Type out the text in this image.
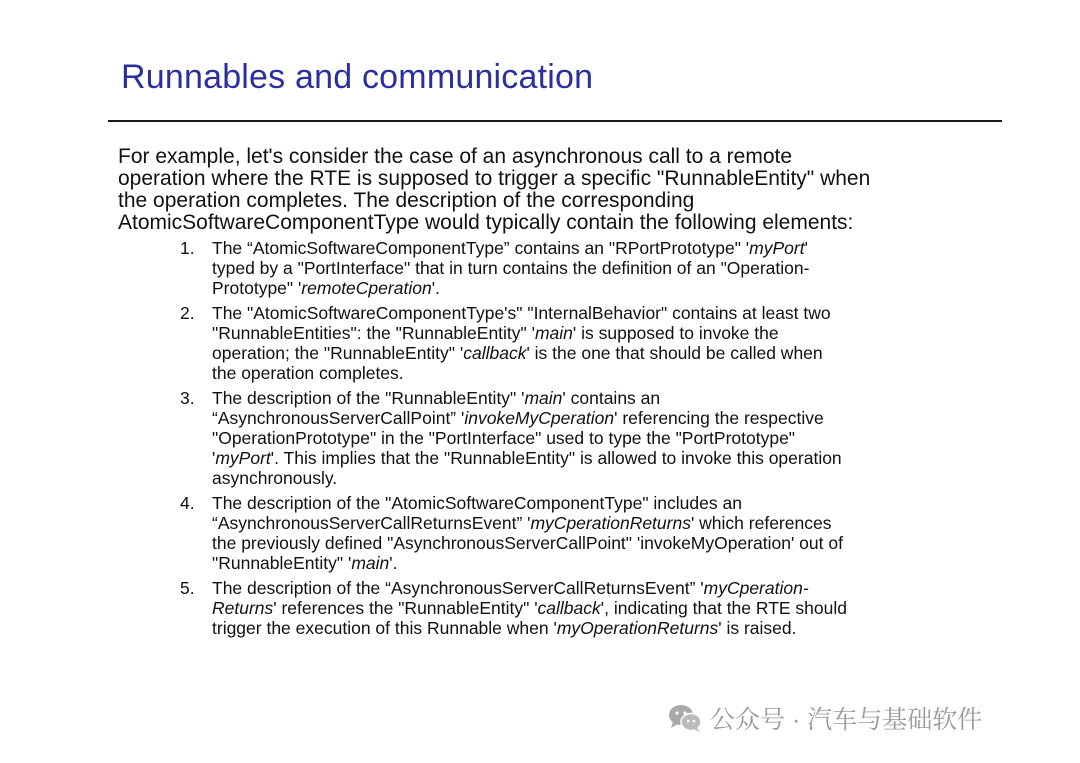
Runnables and communication
For example, let's consider the case of an asynchronous call to a remote
operation where the RTE is supposed to trigger a specific "RunnableEntity" when
the operation completes. The description of the corresponding
AtomicSoftwareComponentType would typically contain the following elements:
1. The “AtomicSoftwareComponentType” contains an "RPortPrototype" 'myPort'
typed by a "PortInterface" that in turn contains the definition of an "Operation-
Prototype" 'remoteCperation'.
2. The "AtomicSoftwareComponentType's" "InternalBehavior" contains at least two
"RunnableEntities": the "RunnableEntity" 'main' is supposed to invoke the
operation; the "RunnableEntity" 'callback' is the one that should be called when
the operation completes.
3. The description of the "RunnableEntity" 'main' contains an
“AsynchronousServerCallPoint” 'invokeMyCperation' referencing the respective
"OperationPrototype" in the "PortInterface" used to type the "PortPrototype"
'myPort'. This implies that the "RunnableEntity" is allowed to invoke this operation
asynchronously.
4. The description of the "AtomicSoftwareComponentType" includes an
“AsynchronousServerCallReturnsEvent” 'myCperationReturns' which references
the previously defined "AsynchronousServerCallPoint" 'invokeMyOperation' out of
"RunnableEntity" 'main'.
5. The description of the “AsynchronousServerCallReturnsEvent” 'myCperation-
Returns' references the "RunnableEntity" 'callback', indicating that the RTE should
trigger the execution of this Runnable when 'myOperationReturns' is raised.
公众号 · 汽车与基础软件
